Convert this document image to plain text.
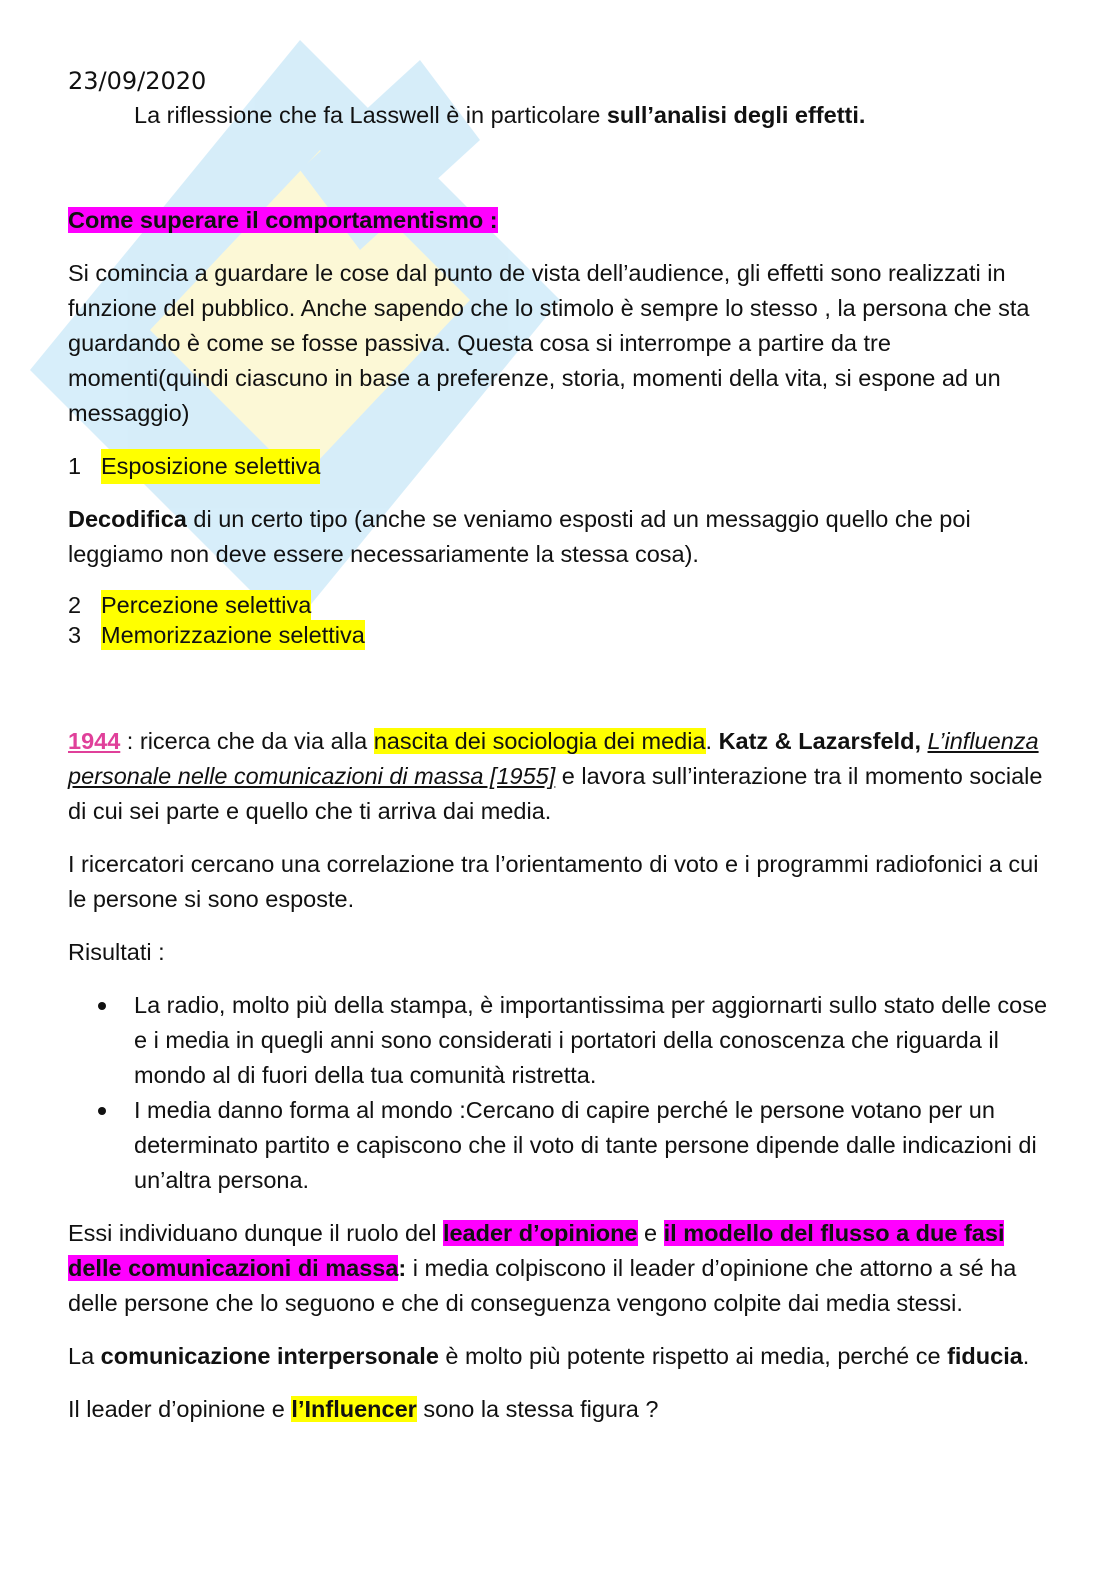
23/09/2020

La riflessione che fa Lasswell è in particolare sull’analisi degli effetti.

Come superare il comportamentismo :

Si comincia a guardare le cose dal punto de vista dell’audience, gli effetti sono realizzati in funzione del pubblico. Anche sapendo che lo stimolo è sempre lo stesso , la persona che sta guardando è come se fosse passiva. Questa cosa si interrompe a partire da tre momenti(quindi ciascuno in base a preferenze, storia, momenti della vita, si espone ad un messaggio)

1 Esposizione selettiva

Decodifica di un certo tipo (anche se veniamo esposti ad un messaggio quello che poi leggiamo non deve essere necessariamente la stessa cosa).

2 Percezione selettiva
3 Memorizzazione selettiva

1944 : ricerca che da via alla nascita dei sociologia dei media. Katz & Lazarsfeld, L’influenza personale nelle comunicazioni di massa [1955] e lavora sull’interazione tra il momento sociale di cui sei parte e quello che ti arriva dai media.

I ricercatori cercano una correlazione tra l’orientamento di voto e i programmi radiofonici a cui le persone si sono esposte.

Risultati :

La radio, molto più della stampa, è importantissima per aggiornarti sullo stato delle cose e i media in quegli anni sono considerati i portatori della conoscenza che riguarda il mondo al di fuori della tua comunità ristretta.
I media danno forma al mondo :Cercano di capire perché le persone votano per un determinato partito e capiscono che il voto di tante persone dipende dalle indicazioni di un’altra persona.

Essi individuano dunque il ruolo del leader d’opinione e il modello del flusso a due fasi delle comunicazioni di massa: i media colpiscono il leader d’opinione che attorno a sé ha delle persone che lo seguono e che di conseguenza vengono colpite dai media stessi.

La comunicazione interpersonale è molto più potente rispetto ai media, perché ce fiducia.

Il leader d’opinione e l’Influencer sono la stessa figura ?
